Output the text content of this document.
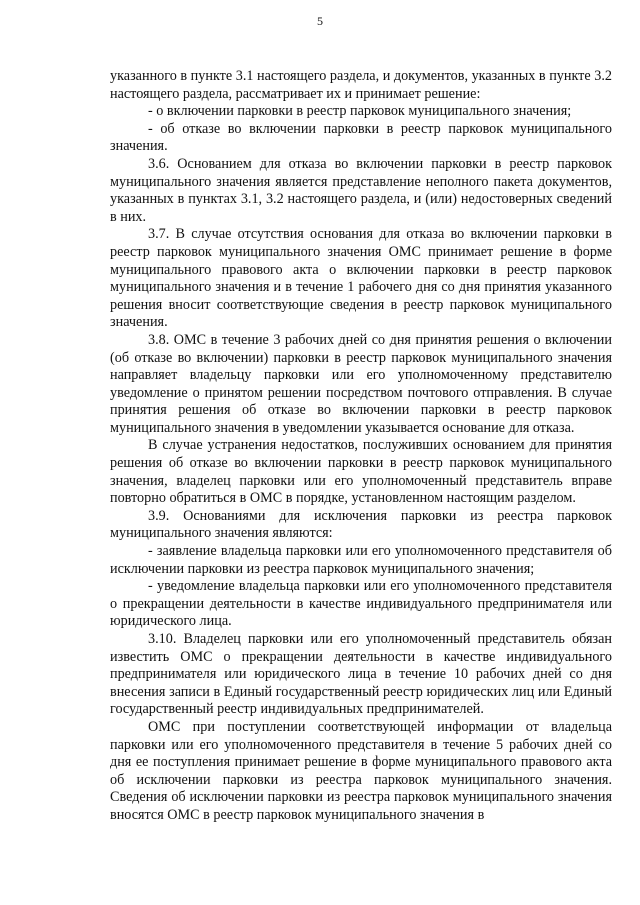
5

указанного в пункте 3.1 настоящего раздела, и документов, указанных в пункте 3.2 настоящего раздела, рассматривает их и принимает решение:

- о включении парковки в реестр парковок муниципального значения;

- об отказе во включении парковки в реестр парковок муниципального значения.

3.6. Основанием для отказа во включении парковки в реестр парковок муниципального значения является представление неполного пакета документов, указанных в пунктах 3.1, 3.2 настоящего раздела, и (или) недостоверных сведений в них.

3.7. В случае отсутствия основания для отказа во включении парковки в реестр парковок муниципального значения ОМС принимает решение в форме муниципального правового акта о включении парковки в реестр парковок муниципального значения и в течение 1 рабочего дня со дня принятия указанного решения вносит соответствующие сведения в реестр парковок муниципального значения.

3.8. ОМС в течение 3 рабочих дней со дня принятия решения о включении (об отказе во включении) парковки в реестр парковок муниципального значения направляет владельцу парковки или его уполномоченному представителю уведомление о принятом решении посредством почтового отправления. В случае принятия решения об отказе во включении парковки в реестр парковок муниципального значения в уведомлении указывается основание для отказа.

В случае устранения недостатков, послуживших основанием для принятия решения об отказе во включении парковки в реестр парковок муниципального значения, владелец парковки или его уполномоченный представитель вправе повторно обратиться в ОМС в порядке, установленном настоящим разделом.

3.9. Основаниями для исключения парковки из реестра парковок муниципального значения являются:

- заявление владельца парковки или его уполномоченного представителя об исключении парковки из реестра парковок муниципального значения;

- уведомление владельца парковки или его уполномоченного представителя о прекращении деятельности в качестве индивидуального предпринимателя или юридического лица.

3.10. Владелец парковки или его уполномоченный представитель обязан известить ОМС о прекращении деятельности в качестве индивидуального предпринимателя или юридического лица в течение 10 рабочих дней со дня внесения записи в Единый государственный реестр юридических лиц или Единый государственный реестр индивидуальных предпринимателей.

ОМС при поступлении соответствующей информации от владельца парковки или его уполномоченного представителя в течение 5 рабочих дней со дня ее поступления принимает решение в форме муниципального правового акта об исключении парковки из реестра парковок муниципального значения. Сведения об исключении парковки из реестра парковок муниципального значения вносятся ОМС в реестр парковок муниципального значения в
